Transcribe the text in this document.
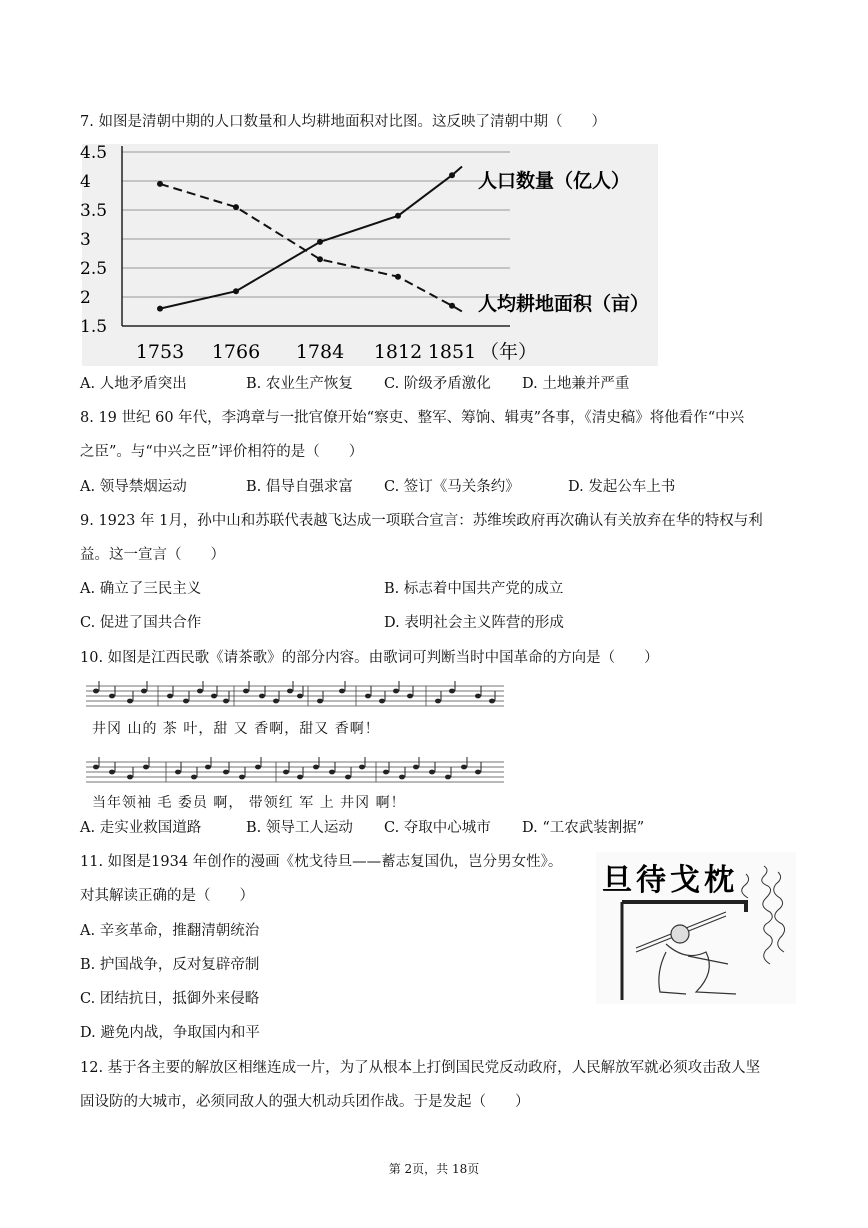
7. 如图是清朝中期的人口数量和人均耕地面积对比图。这反映了清朝中期（　　）
4.5
4
3.5
3
2.5
2
1.5
1753 1766 1784 1812 1851
人口数量（亿人）
人均耕地面积（亩）
（年）
A. 人地矛盾突出	B. 农业生产恢复 C. 阶级矛盾激化 D. 土地兼并严重
8. 19 世纪 60 年代，李鸿章与一批官僚开始“察吏、整军、筹饷、辑夷”各事，《清史稿》将他看作“中兴
之臣”。与“中兴之臣”评价相符的是（　　）
A. 领导禁烟运动	B. 倡导自强求富 C. 签订《马关条约》	D. 发起公车上书
9. 1923 年 1月，孙中山和苏联代表越飞达成一项联合宣言：苏维埃政府再次确认有关放弃在华的特权与利
益。这一宣言（　　）
A. 确立了三民主义	B. 标志着中国共产党的成立
C. 促进了国共合作	D. 表明社会主义阵营的形成
10. 如图是江西民歌《请茶歌》的部分内容。由歌词可判断当时中国革命的方向是（　　）
井冈 山的 茶 叶，甜 又 香啊，甜又 香啊！
当年领袖 毛 委员 啊， 带领红 军 上 井冈 啊！
A. 走实业救国道路	B. 领导工人运动 C. 夺取中心城市 D. “工农武装割据”
11. 如图是1934 年创作的漫画《枕戈待旦——蓄志复国仇，岂分男女性》。
对其解读正确的是（　　）
A. 辛亥革命，推翻清朝统治
B. 护国战争，反对复辟帝制
C. 团结抗日，抵御外来侵略
D. 避免内战，争取国内和平
旦待戈枕
12. 基于各主要的解放区相继连成一片，为了从根本上打倒国民党反动政府，人民解放军就必须攻击敌人坚
固设防的大城市，必须同敌人的强大机动兵团作战。于是发起（　　）
第 2页，共 18页
